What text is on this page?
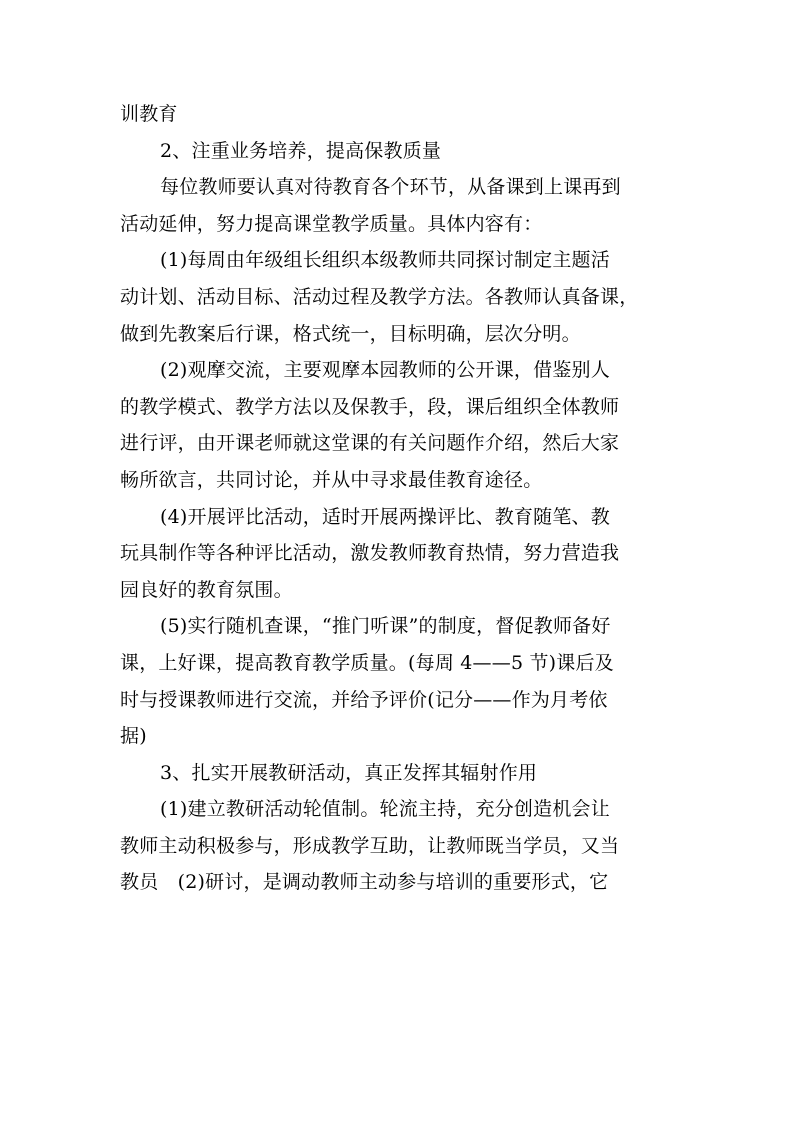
训教育
2、注重业务培养，提高保教质量
每位教师要认真对待教育各个环节，从备课到上课再到
活动延伸，努力提高课堂教学质量。具体内容有：
(1)每周由年级组长组织本级教师共同探讨制定主题活
动计划、活动目标、活动过程及教学方法。各教师认真备课，
做到先教案后行课，格式统一，目标明确，层次分明。
(2)观摩交流，主要观摩本园教师的公开课，借鉴别人
的教学模式、教学方法以及保教手，段，课后组织全体教师
进行评，由开课老师就这堂课的有关问题作介绍，然后大家
畅所欲言，共同讨论，并从中寻求最佳教育途径。
(4)开展评比活动，适时开展两操评比、教育随笔、教
玩具制作等各种评比活动，激发教师教育热情，努力营造我
园良好的教育氛围。
(5)实行随机查课，“推门听课”的制度，督促教师备好
课，上好课，提高教育教学质量。(每周 4——5 节)课后及
时与授课教师进行交流，并给予评价(记分——作为月考依
据)
3、扎实开展教研活动，真正发挥其辐射作用
(1)建立教研活动轮值制。轮流主持，充分创造机会让
教师主动积极参与，形成教学互助，让教师既当学员，又当
教员　(2)研讨，是调动教师主动参与培训的重要形式，它
